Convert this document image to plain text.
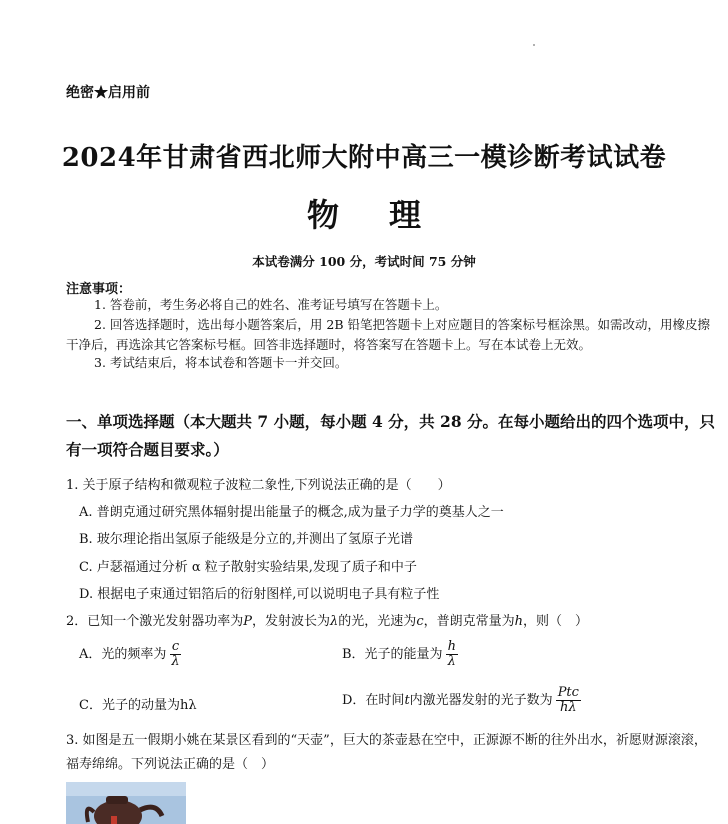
绝密★启用前
2024年甘肃省西北师大附中高三一模诊断考试试卷
物 理
本试卷满分 100 分，考试时间 75 分钟
注意事项：
1. 答卷前，考生务必将自己的姓名、准考证号填写在答题卡上。
2. 回答选择题时，选出每小题答案后，用 2B 铅笔把答题卡上对应题目的答案标号框涂黑。如需改动，用橡皮擦干净后，再选涂其它答案标号框。回答非选择题时，将答案写在答题卡上。写在本试卷上无效。
3. 考试结束后，将本试卷和答题卡一并交回。
一、单项选择题（本大题共 7 小题，每小题 4 分，共 28 分。在每小题给出的四个选项中，只有一项符合题目要求。）
1. 关于原子结构和微观粒子波粒二象性,下列说法正确的是（　　）
A. 普朗克通过研究黑体辐射提出能量子的概念,成为量子力学的奠基人之一
B. 玻尔理论指出氢原子能级是分立的,并测出了氢原子光谱
C. 卢瑟福通过分析 α 粒子散射实验结果,发现了质子和中子
D. 根据电子束通过铝箔后的衍射图样,可以说明电子具有粒子性
2．已知一个激光发射器功率为P，发射波长为λ的光，光速为c，普朗克常量为h，则（　）
A．光的频率为 $\frac{c}{\lambda}$	B．光子的能量为 $\frac{h}{\lambda}$
C．光子的动量为hλ	D．在时间t内激光器发射的光子数为 $\frac{\text{Ptc}}{h\lambda}$
3. 如图是五一假期小姚在某景区看到的“天壶”，巨大的茶壶悬在空中，正源源不断的往外出水，祈愿财源滚滚，福寿绵绵。下列说法正确的是（　）
